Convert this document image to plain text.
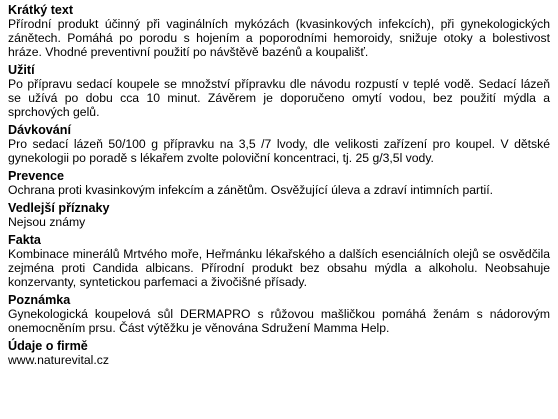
Krátký text

Přírodní produkt účinný při vaginálních mykózách (kvasinkových infekcích), při gynekologických zánětech. Pomáhá po porodu s hojením a poporodními hemoroidy, snižuje otoky a bolestivost hráze. Vhodné preventivní použití po návštěvě bazénů a koupališť.

Užití

Po přípravu sedací koupele se množství přípravku dle návodu rozpustí v teplé vodě. Sedací lázeň se užívá po dobu cca 10 minut. Závěrem je doporučeno omytí vodou, bez použití mýdla a sprchových gelů.

Dávkování

Pro sedací lázeň 50/100 g přípravku na 3,5 /7 lvody, dle velikosti zařízení pro koupel. V dětské gynekologii po poradě s lékařem zvolte poloviční koncentraci, tj. 25 g/3,5l vody.

Prevence

Ochrana proti kvasinkovým infekcím a zánětům. Osvěžující úleva a zdraví intimních partií.

Vedlejší příznaky

Nejsou známy

Fakta

Kombinace minerálů Mrtvého moře, Heřmánku lékařského a dalších esenciálních olejů se osvědčila zejména proti Candida albicans. Přírodní produkt bez obsahu mýdla a alkoholu. Neobsahuje konzervanty, syntetickou parfemaci a živočišné přísady.

Poznámka

Gynekologická koupelová sůl DERMAPRO s růžovou mašličkou pomáhá ženám s nádorovým onemocněním prsu. Část výtěžku je věnována Sdružení Mamma Help.

Údaje o firmě

www.naturevital.cz
